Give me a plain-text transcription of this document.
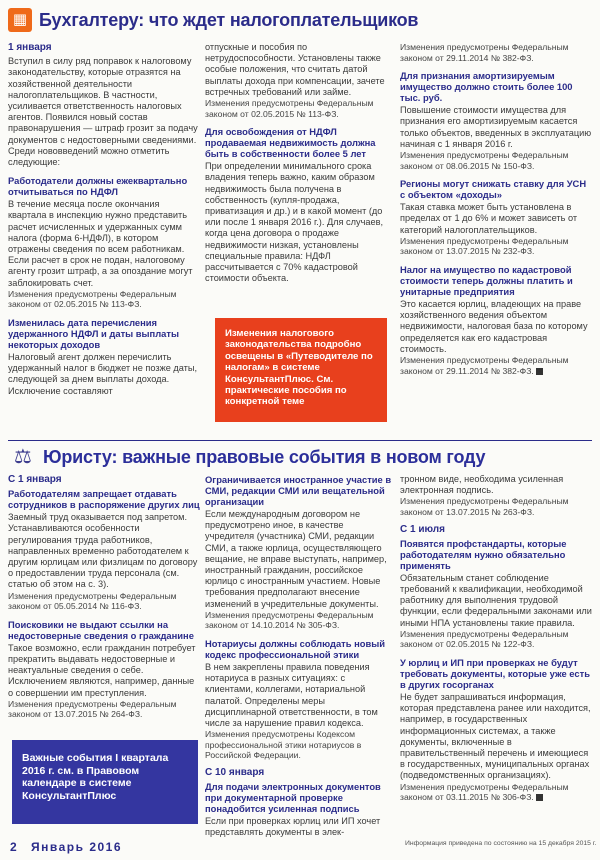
▦ Бухгалтеру: что ждет налогоплательщиков
1 января
Вступил в силу ряд поправок к налоговому законодательству, которые отразятся на хозяйственной деятельности налогоплательщиков. В частности, усиливается ответственность налоговых агентов. Появился новый состав правонарушения — штраф грозит за подачу документов с недостоверными сведениями. Среди нововведений можно отметить следующие:
Работодатели должны ежеквартально отчитываться по НДФЛ
В течение месяца после окончания квартала в инспекцию нужно представить расчет исчисленных и удержанных сумм налога (форма 6-НДФЛ), в котором отражены сведения по всем работникам. Если расчет в срок не подан, налоговому агенту грозит штраф, а за опоздание могут заблокировать счет.
Изменения предусмотрены Федеральным законом от 02.05.2015 № 113-ФЗ.
Изменилась дата перечисления удержанного НДФЛ и даты выплаты некоторых доходов
Налоговый агент должен перечислить удержанный налог в бюджет не позже даты, следующей за днем выплаты дохода. Исключение составляют
отпускные и пособия по нетрудоспособности. Установлены также особые положения, что считать датой выплаты дохода при компенсации, зачете встречных требований или займе.
Изменения предусмотрены Федеральным законом от 02.05.2015 № 113-ФЗ.
Для освобождения от НДФЛ продаваемая недвижимость должна быть в собственности более 5 лет
При определении минимального срока владения теперь важно, каким образом недвижимость была получена в собственность (купля-продажа, приватизация и др.) и в какой момент (до или после 1 января 2016 г.). Для случаев, когда цена договора о продаже недвижимости низкая, установлены специальные правила: НДФЛ рассчитывается с 70% кадастровой стоимости объекта.
Изменения налогового законодательства подробно освещены в «Путеводителе по налогам» в системе КонсультантПлюс. См. практические пособия по конкретной теме
Изменения предусмотрены Федеральным законом от 29.11.2014 № 382-ФЗ.
Для признания амортизируемым имущество должно стоить более 100 тыс. руб.
Повышение стоимости имущества для признания его амортизируемым касается только объектов, введенных в эксплуатацию начиная с 1 января 2016 г.
Изменения предусмотрены Федеральным законом от 08.06.2015 № 150-ФЗ.
Регионы могут снижать ставку для УСН с объектом «доходы»
Такая ставка может быть установлена в пределах от 1 до 6% и может зависеть от категорий налогоплательщиков.
Изменения предусмотрены Федеральным законом от 13.07.2015 № 232-ФЗ.
Налог на имущество по кадастровой стоимости теперь должны платить и унитарные предприятия
Это касается юрлиц, владеющих на праве хозяйственного ведения объектом недвижимости, налоговая база по которому определяется как его кадастровая стоимость.
Изменения предусмотрены Федеральным законом от 29.11.2014 № 382-ФЗ.
⚖ Юристу: важные правовые события в новом году
С 1 января
Работодателям запрещает отдавать сотрудников в распоряжение других лиц
Заемный труд оказывается под запретом. Устанавливаются особенности регулирования труда работников, направленных временно работодателем к другим юрлицам или физлицам по договору о предоставлении труда персонала (см. статью об этом на с. 3).
Изменения предусмотрены Федеральным законом от 05.05.2014 № 116-ФЗ.
Поисковики не выдают ссылки на недостоверные сведения о гражданине
Такое возможно, если гражданин потребует прекратить выдавать недостоверные и неактуальные сведения о себе. Исключением являются, например, данные о совершении им преступления.
Изменения предусмотрены Федеральным законом от 13.07.2015 № 264-ФЗ.
Важные события I квартала 2016 г. см. в Правовом календаре в системе КонсультантПлюс
Ограничивается иностранное участие в СМИ, редакции СМИ или вещательной организации
Если международным договором не предусмотрено иное, в качестве учредителя (участника) СМИ, редакции СМИ, а также юрлица, осуществляющего вещание, не вправе выступать, например, иностранный гражданин, российское юрлицо с иностранным участием. Новые требования предполагают внесение изменений в учредительные документы.
Изменения предусмотрены Федеральным законом от 14.10.2014 № 305-ФЗ.
Нотариусы должны соблюдать новый кодекс профессиональной этики
В нем закреплены правила поведения нотариуса в разных ситуациях: с клиентами, коллегами, нотариальной палатой. Определены меры дисциплинарной ответственности, в том числе за нарушение правил кодекса.
Изменения предусмотрены Кодексом профессиональной этики нотариусов в Российской Федерации.
С 10 января
Для подачи электронных документов при документарной проверке понадобится усиленная подпись
Если при проверках юрлиц или ИП хочет представлять документы в элек-
тронном виде, необходима усиленная электронная подпись.
Изменения предусмотрены Федеральным законом от 13.07.2015 № 263-ФЗ.
С 1 июля
Появятся профстандарты, которые работодателям нужно обязательно применять
Обязательным станет соблюдение требований к квалификации, необходимой работнику для выполнения трудовой функции, если федеральными законами или иными НПА установлены такие правила.
Изменения предусмотрены Федеральным законом от 02.05.2015 № 122-ФЗ.
У юрлиц и ИП при проверках не будут требовать документы, которые уже есть в других госорганах
Не будет запрашиваться информация, которая представлена ранее или находится, например, в государственных информационных системах, а также документы, включенные в правительственный перечень и имеющиеся в государственных, муниципальных органах (подведомственных организациях).
Изменения предусмотрены Федеральным законом от 03.11.2015 № 306-ФЗ.
2 Январь 2016	Информация приведена по состоянию на 15 декабря 2015 г.
